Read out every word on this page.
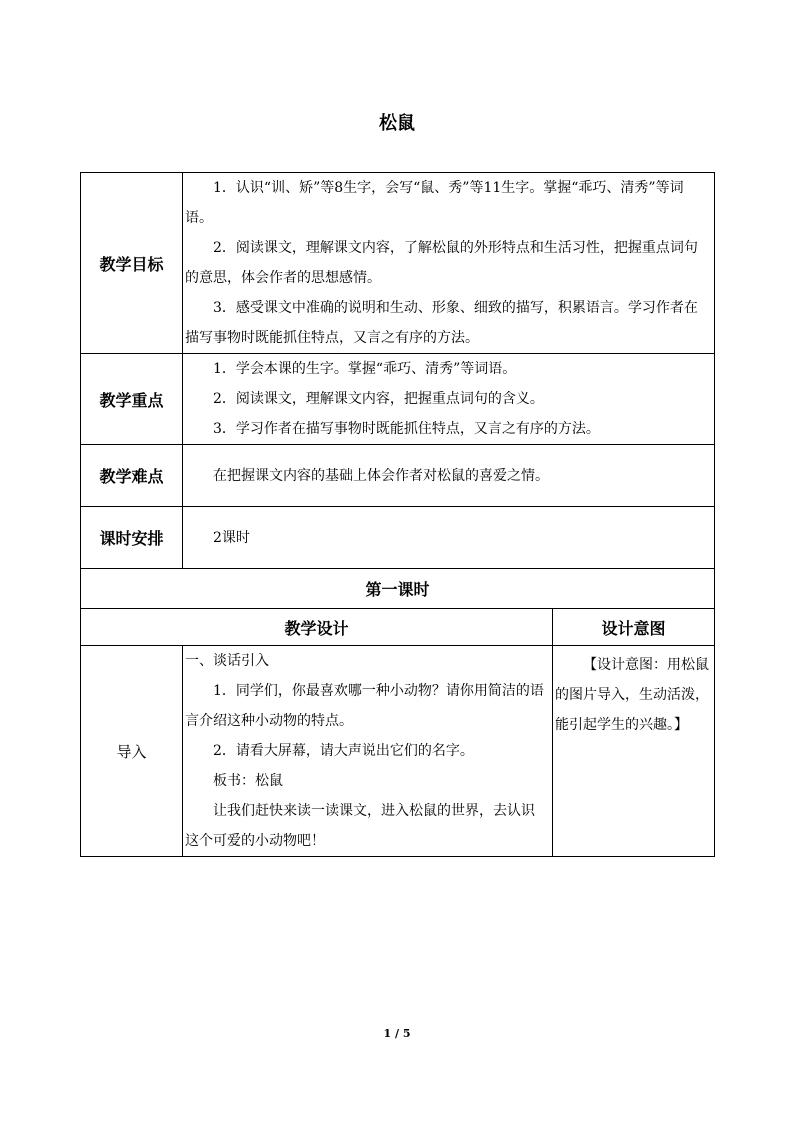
松鼠
教学目标	1．认识“训、矫”等8生字，会写“鼠、秀”等11生字。掌握“乖巧、清秀”等词语。

2．阅读课文，理解课文内容，了解松鼠的外形特点和生活习性，把握重点词句的意思，体会作者的思想感情。

3．感受课文中准确的说明和生动、形象、细致的描写，积累语言。学习作者在描写事物时既能抓住特点，又言之有序的方法。	

教学重点	1．学会本课的生字。掌握“乖巧、清秀”等词语。

2．阅读课文，理解课文内容，把握重点词句的含义。

3．学习作者在描写事物时既能抓住特点，又言之有序的方法。	

教学难点	在把握课文内容的基础上体会作者对松鼠的喜爱之情。	

课时安排	2课时	

第一课时		
教学设计		设计意图
导入	一、谈话引入

1．同学们，你最喜欢哪一种小动物？请你用简洁的语言介绍这种小动物的特点。

2．请看大屏幕，请大声说出它们的名字。

板书：松鼠

让我们赶快来读一读课文，进入松鼠的世界，去认识这个可爱的小动物吧！	【设计意图：用松鼠的图片导入，生动活泼，能引起学生的兴趣。】

1 / 5
